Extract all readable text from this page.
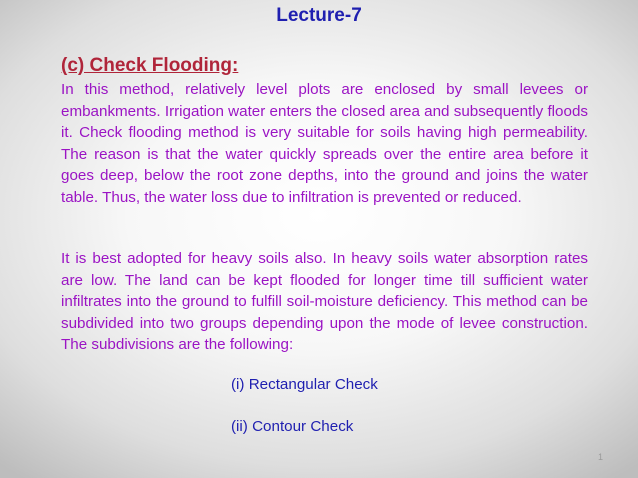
Lecture-7
(c) Check Flooding:

In this method, relatively level plots are enclosed by small levees or embankments. Irrigation water enters the closed area and subsequently floods it. Check flooding method is very suitable for soils having high permeability. The reason is that the water quickly spreads over the entire area before it goes deep, below the root zone depths, into the ground and joins the water table. Thus, the water loss due to infiltration is prevented or reduced.

It is best adopted for heavy soils also. In heavy soils water absorption rates are low. The land can be kept flooded for longer time till sufficient water infiltrates into the ground to fulfill soil-moisture deficiency. This method can be subdivided into two groups depending upon the mode of levee construction. The subdivisions are the following:

(i) Rectangular Check
(ii) Contour Check
1
